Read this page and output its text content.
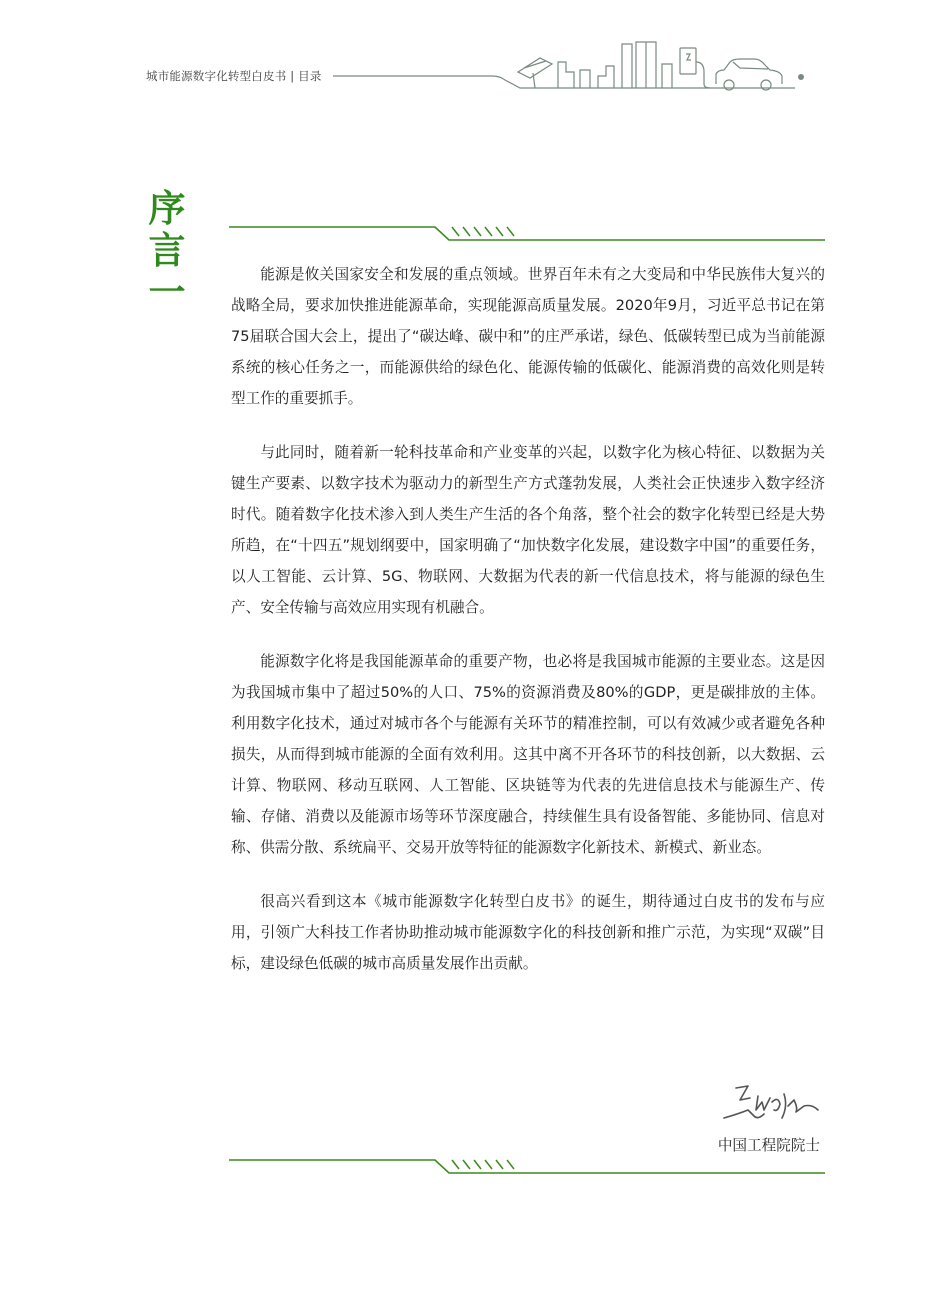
城市能源数字化转型白皮书 | 目录
序
言
一	能源是攸关国家安全和发展的重点领域。世界百年未有之大变局和中华民族伟大复兴的战略全局，要求加快推进能源革命，实现能源高质量发展。2020年9月，习近平总书记在第75届联合国大会上，提出了“碳达峰、碳中和”的庄严承诺，绿色、低碳转型已成为当前能源系统的核心任务之一，而能源供给的绿色化、能源传输的低碳化、能源消费的高效化则是转型工作的重要抓手。

与此同时，随着新一轮科技革命和产业变革的兴起，以数字化为核心特征、以数据为关键生产要素、以数字技术为驱动力的新型生产方式蓬勃发展，人类社会正快速步入数字经济时代。随着数字化技术渗入到人类生产生活的各个角落，整个社会的数字化转型已经是大势所趋，在“十四五”规划纲要中，国家明确了“加快数字化发展，建设数字中国”的重要任务，以人工智能、云计算、5G、物联网、大数据为代表的新一代信息技术，将与能源的绿色生产、安全传输与高效应用实现有机融合。

能源数字化将是我国能源革命的重要产物，也必将是我国城市能源的主要业态。这是因为我国城市集中了超过50%的人口、75%的资源消费及80%的GDP，更是碳排放的主体。利用数字化技术，通过对城市各个与能源有关环节的精准控制，可以有效减少或者避免各种损失，从而得到城市能源的全面有效利用。这其中离不开各环节的科技创新，以大数据、云计算、物联网、移动互联网、人工智能、区块链等为代表的先进信息技术与能源生产、传输、存储、消费以及能源市场等环节深度融合，持续催生具有设备智能、多能协同、信息对称、供需分散、系统扁平、交易开放等特征的能源数字化新技术、新模式、新业态。

很高兴看到这本《城市能源数字化转型白皮书》的诞生，期待通过白皮书的发布与应用，引领广大科技工作者协助推动城市能源数字化的科技创新和推广示范，为实现“双碳”目标，建设绿色低碳的城市高质量发展作出贡献。

中国工程院院士
